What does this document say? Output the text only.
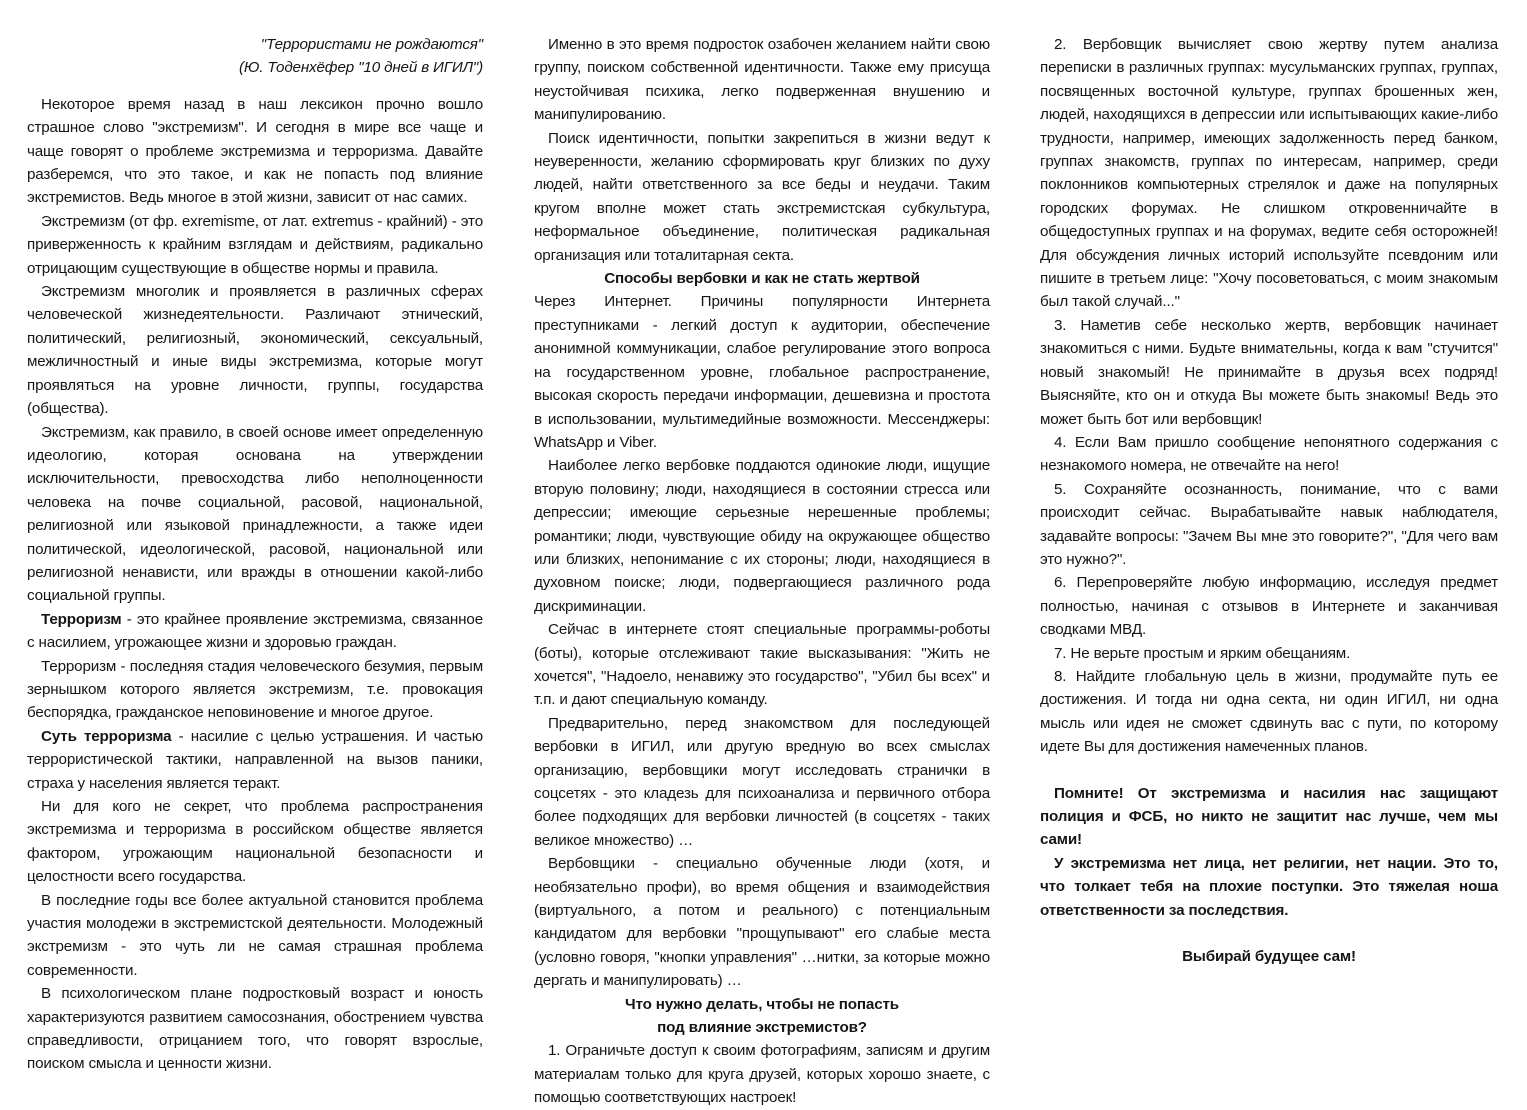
"Террористами не рождаются"

(Ю. Тоденхёфер "10 дней в ИГИЛ")

Некоторое время назад в наш лексикон прочно вошло страшное слово "экстремизм". И сегодня в мире все чаще и чаще говорят о проблеме экстремизма и терроризма. Давайте разберемся, что это такое, и как не попасть под влияние экстремистов. Ведь многое в этой жизни, зависит от нас самих.

Экстремизм (от фр. exremisme, от лат. extremus - крайний) - это приверженность к крайним взглядам и действиям, радикально отрицающим существующие в обществе нормы и правила.

Экстремизм многолик и проявляется в различных сферах человеческой жизнедеятельности. Различают этнический, политический, религиозный, экономический, сексуальный, межличностный и иные виды экстремизма, которые могут проявляться на уровне личности, группы, государства (общества).

Экстремизм, как правило, в своей основе имеет определенную идеологию, которая основана на утверждении исключительности, превосходства либо неполноценности человека на почве социальной, расовой, национальной, религиозной или языковой принадлежности, а также идеи политической, идеологической, расовой, национальной или религиозной ненависти, или вражды в отношении какой-либо социальной группы.

Терроризм - это крайнее проявление экстремизма, связанное с насилием, угрожающее жизни и здоровью граждан.

Терроризм - последняя стадия человеческого безумия, первым зернышком которого является экстремизм, т.е. провокация беспорядка, гражданское неповиновение и многое другое.

Суть терроризма - насилие с целью устрашения. И частью террористической тактики, направленной на вызов паники, страха у населения является теракт.

Ни для кого не секрет, что проблема распространения экстремизма и терроризма в российском обществе является фактором, угрожающим национальной безопасности и целостности всего государства.

В последние годы все более актуальной становится проблема участия молодежи в экстремистской деятельности. Молодежный экстремизм - это чуть ли не самая страшная проблема современности.

В психологическом плане подростковый возраст и юность характеризуются развитием самосознания, обострением чувства справедливости, отрицанием того, что говорят взрослые, поиском смысла и ценности жизни.

Именно в это время подросток озабочен желанием найти свою группу, поиском собственной идентичности. Также ему присуща неустойчивая психика, легко подверженная внушению и манипулированию.

Поиск идентичности, попытки закрепиться в жизни ведут к неуверенности, желанию сформировать круг близких по духу людей, найти ответственного за все беды и неудачи. Таким кругом вполне может стать экстремистская субкультура, неформальное объединение, политическая радикальная организация или тоталитарная секта.

Способы вербовки и как не стать жертвой

Через Интернет. Причины популярности Интернета преступниками - легкий доступ к аудитории, обеспечение анонимной коммуникации, слабое регулирование этого вопроса на государственном уровне, глобальное распространение, высокая скорость передачи информации, дешевизна и простота в использовании, мультимедийные возможности. Мессенджеры: WhatsApp и Viber.

Наиболее легко вербовке поддаются одинокие люди, ищущие вторую половину; люди, находящиеся в состоянии стресса или депрессии; имеющие серьезные нерешенные проблемы; романтики; люди, чувствующие обиду на окружающее общество или близких, непонимание с их стороны; люди, находящиеся в духовном поиске; люди, подвергающиеся различного рода дискриминации.

Сейчас в интернете стоят специальные программы-роботы (боты), которые отслеживают такие высказывания: "Жить не хочется", "Надоело, ненавижу это государство", "Убил бы всех" и т.п. и дают специальную команду.

Предварительно, перед знакомством для последующей вербовки в ИГИЛ, или другую вредную во всех смыслах организацию, вербовщики могут исследовать странички в соцсетях - это кладезь для психоанализа и первичного отбора более подходящих для вербовки личностей (в соцсетях - таких великое множество) …

Вербовщики - специально обученные люди (хотя, и необязательно профи), во время общения и взаимодействия (виртуального, а потом и реального) с потенциальным кандидатом для вербовки "прощупывают" его слабые места (условно говоря, "кнопки управления" …нитки, за которые можно дергать и манипулировать) …

Что нужно делать, чтобы не попасть
под влияние экстремистов?

1. Ограничьте доступ к своим фотографиям, записям и другим материалам только для круга друзей, которых хорошо знаете, с помощью соответствующих настроек!

2. Вербовщик вычисляет свою жертву путем анализа переписки в различных группах: мусульманских группах, группах, посвященных восточной культуре, группах брошенных жен, людей, находящихся в депрессии или испытывающих какие-либо трудности, например, имеющих задолженность перед банком, группах знакомств, группах по интересам, например, среди поклонников компьютерных стрелялок и даже на популярных городских форумах. Не слишком откровенничайте в общедоступных группах и на форумах, ведите себя осторожней! Для обсуждения личных историй используйте псевдоним или пишите в третьем лице: "Хочу посоветоваться, с моим знакомым был такой случай..."

3. Наметив себе несколько жертв, вербовщик начинает знакомиться с ними. Будьте внимательны, когда к вам "стучится" новый знакомый! Не принимайте в друзья всех подряд! Выясняйте, кто он и откуда Вы можете быть знакомы! Ведь это может быть бот или вербовщик!

4. Если Вам пришло сообщение непонятного содержания с незнакомого номера, не отвечайте на него!

5. Сохраняйте осознанность, понимание, что с вами происходит сейчас. Вырабатывайте навык наблюдателя, задавайте вопросы: "Зачем Вы мне это говорите?", "Для чего вам это нужно?".

6. Перепроверяйте любую информацию, исследуя предмет полностью, начиная с отзывов в Интернете и заканчивая сводками МВД.

7. Не верьте простым и ярким обещаниям.

8. Найдите глобальную цель в жизни, продумайте путь ее достижения. И тогда ни одна секта, ни один ИГИЛ, ни одна мысль или идея не сможет сдвинуть вас с пути, по которому идете Вы для достижения намеченных планов.

Помните! От экстремизма и насилия нас защищают полиция и ФСБ, но никто не защитит нас лучше, чем мы сами!

У экстремизма нет лица, нет религии, нет нации. Это то, что толкает тебя на плохие поступки. Это тяжелая ноша ответственности за последствия.

Выбирай будущее сам!
